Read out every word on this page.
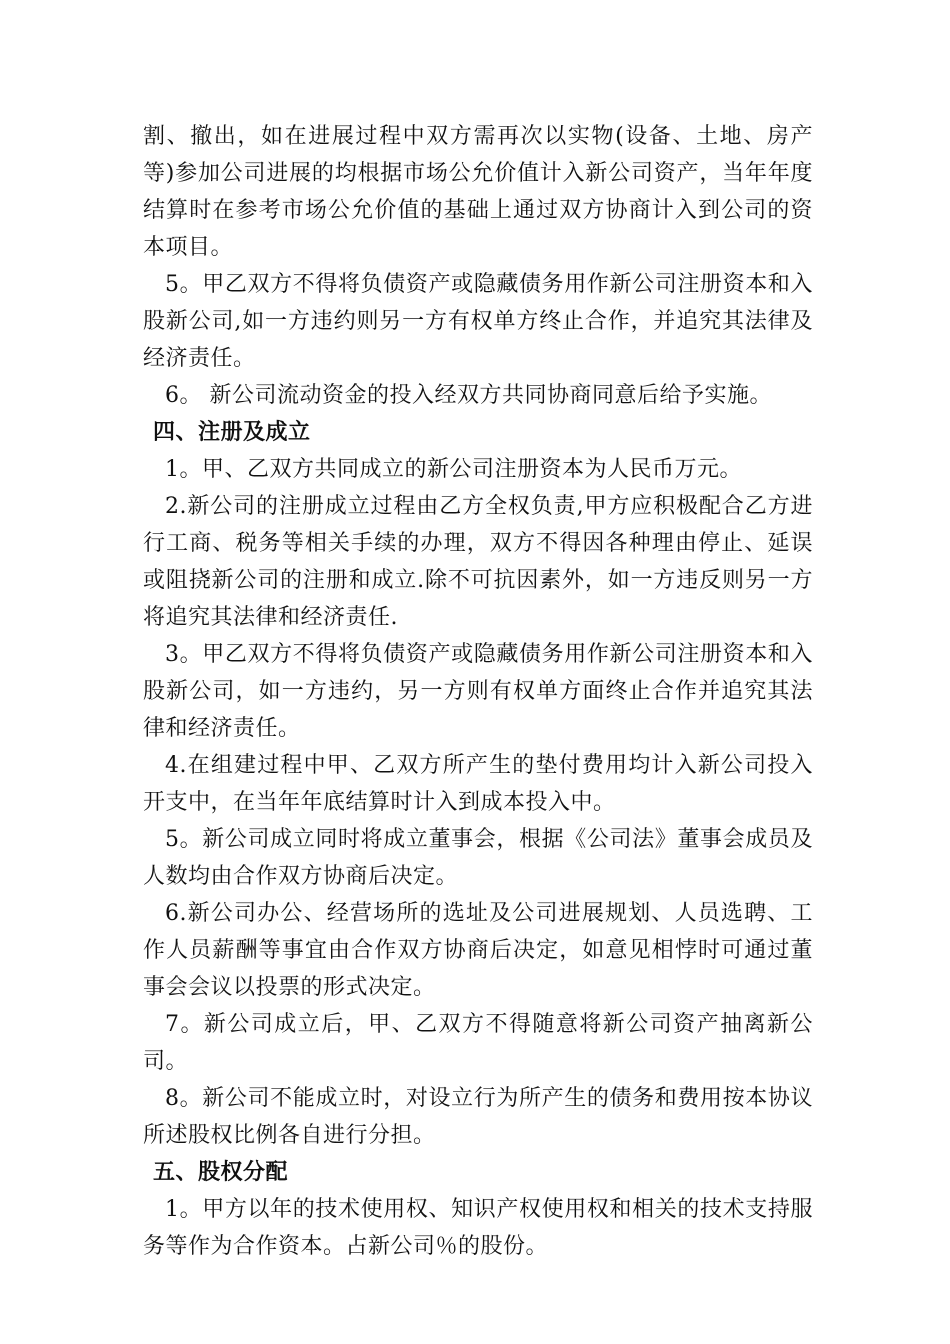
割、撤出，如在进展过程中双方需再次以实物(设备、土地、房产等)参加公司进展的均根据市场公允价值计入新公司资产，当年年度结算时在参考市场公允价值的基础上通过双方协商计入到公司的资本项目。

5。甲乙双方不得将负债资产或隐藏债务用作新公司注册资本和入股新公司,如一方违约则另一方有权单方终止合作，并追究其法律及经济责任。

6。 新公司流动资金的投入经双方共同协商同意后给予实施。

四、注册及成立

1。甲、乙双方共同成立的新公司注册资本为人民币万元。

2.新公司的注册成立过程由乙方全权负责,甲方应积极配合乙方进行工商、税务等相关手续的办理，双方不得因各种理由停止、延误或阻挠新公司的注册和成立.除不可抗因素外，如一方违反则另一方将追究其法律和经济责任.

3。甲乙双方不得将负债资产或隐藏债务用作新公司注册资本和入股新公司，如一方违约，另一方则有权单方面终止合作并追究其法律和经济责任。

4.在组建过程中甲、乙双方所产生的垫付费用均计入新公司投入开支中，在当年年底结算时计入到成本投入中。

5。新公司成立同时将成立董事会，根据《公司法》董事会成员及人数均由合作双方协商后决定。

6.新公司办公、经营场所的选址及公司进展规划、人员选聘、工作人员薪酬等事宜由合作双方协商后决定，如意见相悖时可通过董事会会议以投票的形式决定。

7。新公司成立后，甲、乙双方不得随意将新公司资产抽离新公司。

8。新公司不能成立时，对设立行为所产生的债务和费用按本协议所述股权比例各自进行分担。

五、股权分配

1。甲方以年的技术使用权、知识产权使用权和相关的技术支持服务等作为合作资本。占新公司％的股份。
